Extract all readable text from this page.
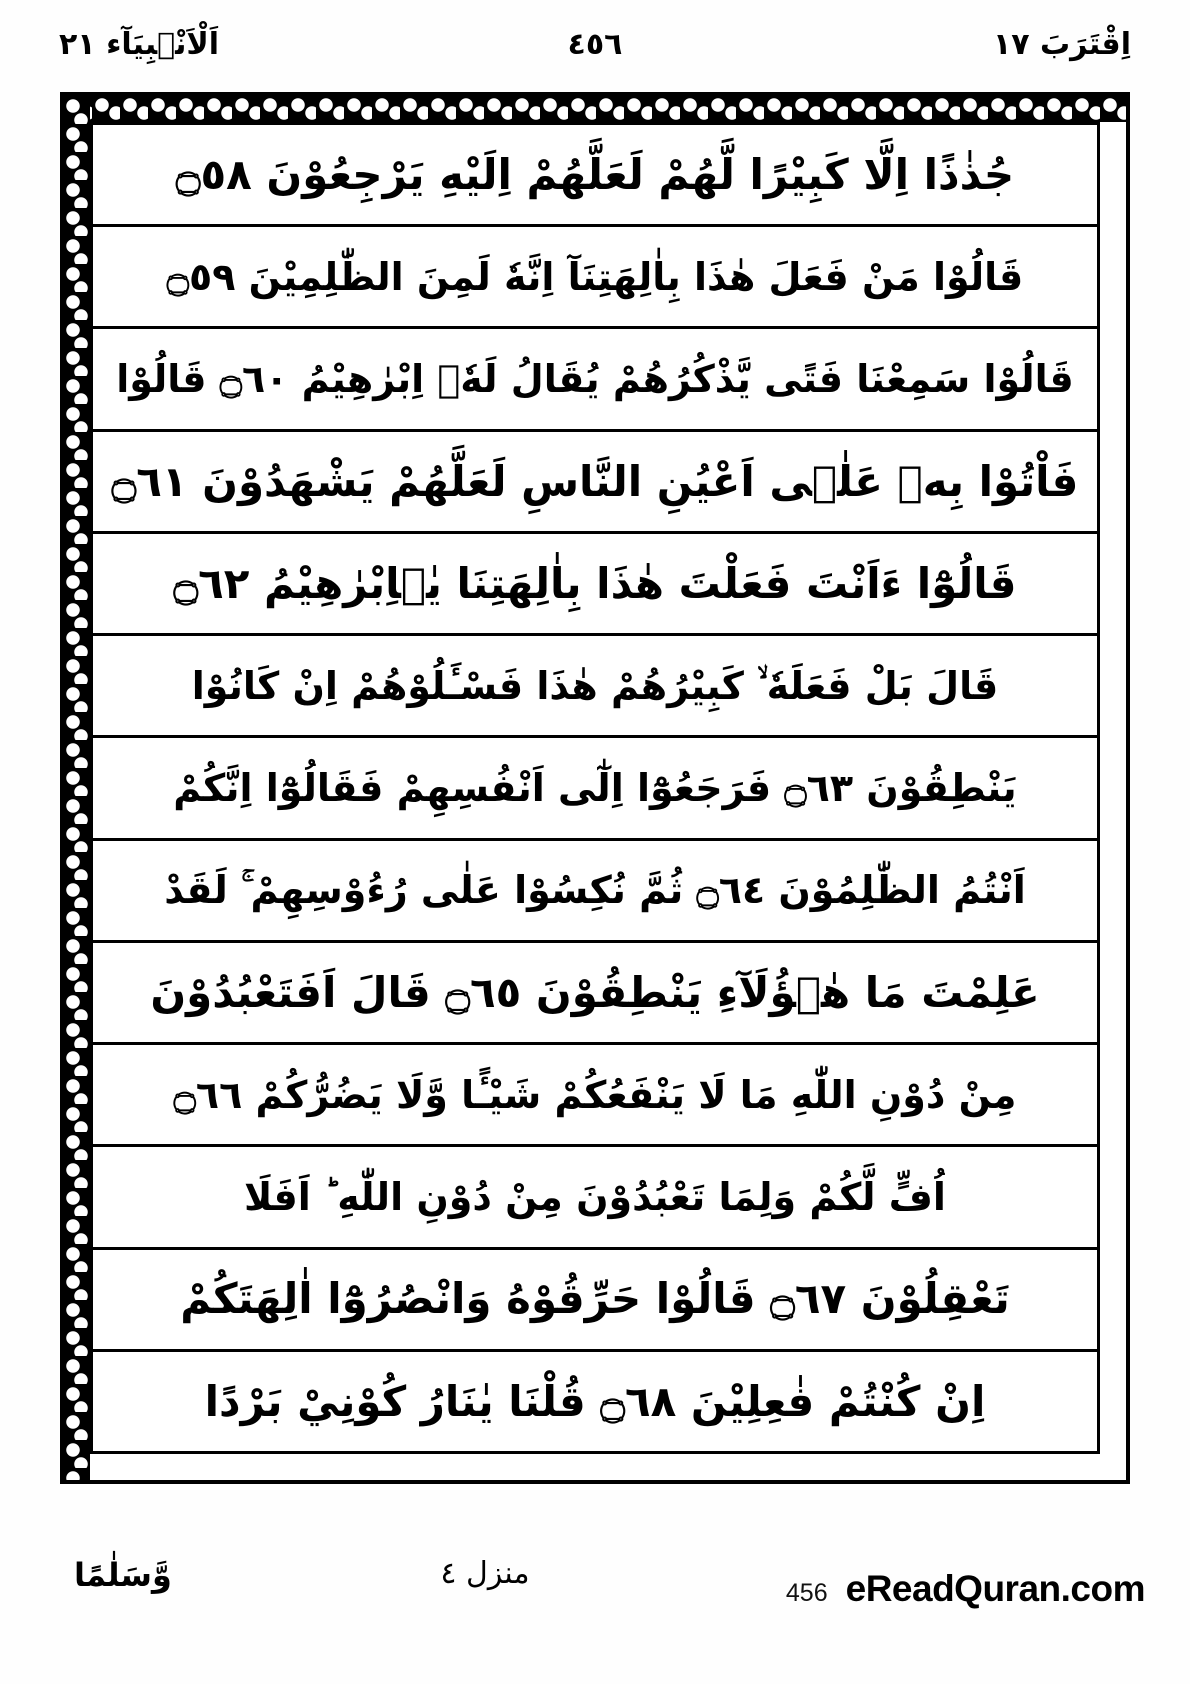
اِقْتَرَبَ ١٧
٤٥٦
اَلْاَنْۢبِيَآء ٢١
جُذٰذًا اِلَّا كَبِيْرًا لَّهُمْ لَعَلَّهُمْ اِلَيْهِ يَرْجِعُوْنَ ۝٥٨
قَالُوْا مَنْ فَعَلَ هٰذَا بِاٰلِهَتِنَآ اِنَّهٗ لَمِنَ الظّٰلِمِيْنَ ۝٥٩
قَالُوْا سَمِعْنَا فَتًى يَّذْكُرُهُمْ يُقَالُ لَهٗۤ اِبْرٰهِيْمُ ۝٦٠ قَالُوْا
فَاْتُوْا بِهٖ عَلٰۤى اَعْيُنِ النَّاسِ لَعَلَّهُمْ يَشْهَدُوْنَ ۝٦١
قَالُوْٓا ءَاَنْتَ فَعَلْتَ هٰذَا بِاٰلِهَتِنَا يٰۤاِبْرٰهِيْمُ ۝٦٢
قَالَ بَلْ فَعَلَهٗ ۙ كَبِيْرُهُمْ هٰذَا فَسْـَٔلُوْهُمْ اِنْ كَانُوْا
يَنْطِقُوْنَ ۝٦٣ فَرَجَعُوْٓا اِلٰٓى اَنْفُسِهِمْ فَقَالُوْٓا اِنَّكُمْ
اَنْتُمُ الظّٰلِمُوْنَ ۝٦٤ ثُمَّ نُكِسُوْا عَلٰى رُءُوْسِهِمْ ۚ لَقَدْ
عَلِمْتَ مَا هٰۤؤُلَآءِ يَنْطِقُوْنَ ۝٦٥ قَالَ اَفَتَعْبُدُوْنَ
مِنْ دُوْنِ اللّٰهِ مَا لَا يَنْفَعُكُمْ شَيْـًٔا وَّلَا يَضُرُّكُمْ ۝٦٦
اُفٍّ لَّكُمْ وَلِمَا تَعْبُدُوْنَ مِنْ دُوْنِ اللّٰهِ ؕ اَفَلَا
تَعْقِلُوْنَ ۝٦٧ قَالُوْا حَرِّقُوْهُ وَانْصُرُوْٓا اٰلِهَتَكُمْ
اِنْ كُنْتُمْ فٰعِلِيْنَ ۝٦٨ قُلْنَا يٰنَارُ كُوْنِيْ بَرْدًا
eReadQuran.com
456
منزل ٤
وَّسَلٰمًا
